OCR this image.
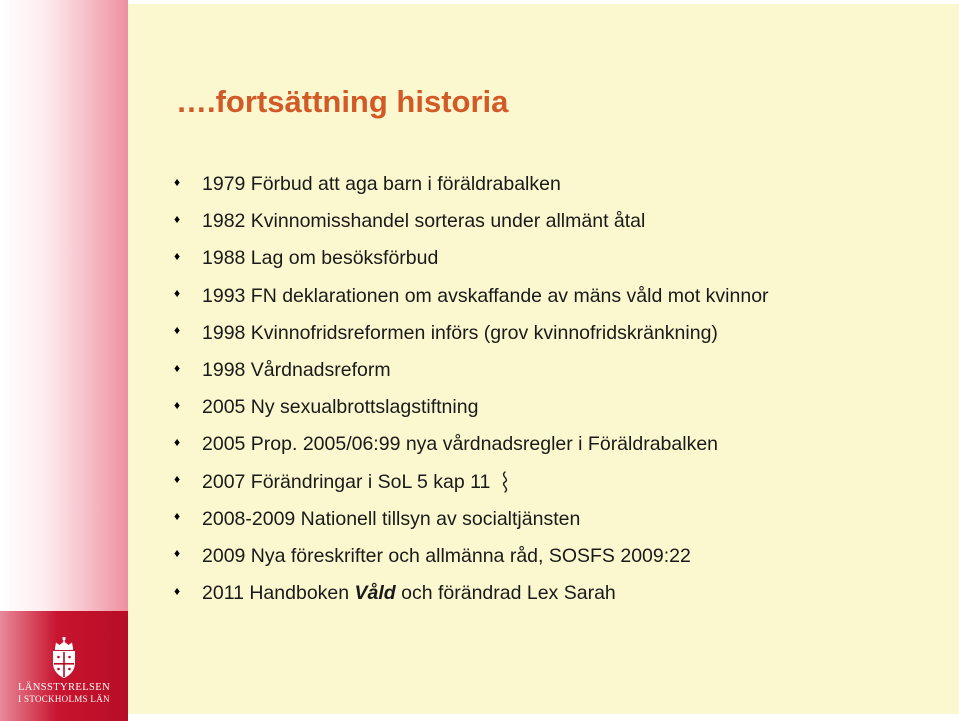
….fortsättning historia
♦	1979 Förbud att aga barn i föräldrabalken
♦	1982 Kvinnomisshandel sorteras under allmänt åtal
♦	1988 Lag om besöksförbud
♦	1993 FN deklarationen om avskaffande av mäns våld mot kvinnor
♦	1998 Kvinnofridsreformen införs (grov kvinnofridskränkning)
♦	1998 Vårdnadsreform
♦	2005 Ny sexualbrottslagstiftning
♦	2005 Prop. 2005/06:99 nya vårdnadsregler i Föräldrabalken
♦	2007 Förändringar i SoL 5 kap 11
♦	2008-2009 Nationell tillsyn av socialtjänsten
♦	2009 Nya föreskrifter och allmänna råd, SOSFS 2009:22
♦	2011 Handboken Våld och förändrad Lex Sarah
LÄNSSTYRELSEN
I STOCKHOLMS LÄN
